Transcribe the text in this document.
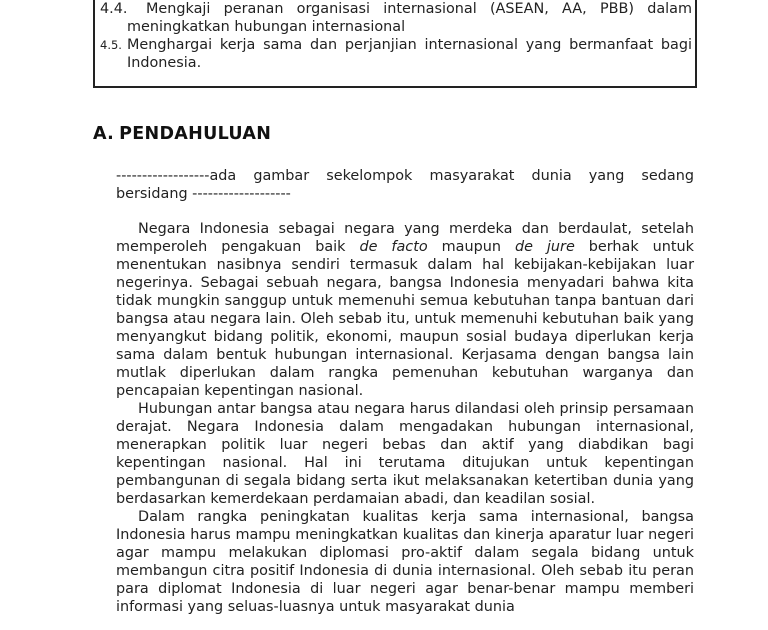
4.4.	Mengkaji peranan organisasi internasional (ASEAN, AA, PBB) dalam meningkatkan hubungan internasional
4.5. Menghargai kerja sama dan perjanjian internasional yang bermanfaat bagi Indonesia.
A. PENDAHULUAN

------------------ada gambar sekelompok masyarakat dunia yang sedang bersidang -------------------

Negara Indonesia sebagai negara yang merdeka dan berdaulat, setelah memperoleh pengakuan baik de facto maupun de jure berhak untuk menentukan nasibnya sendiri termasuk dalam hal kebijakan-kebijakan luar negerinya. Sebagai sebuah negara, bangsa Indonesia menyadari bahwa kita tidak mungkin sanggup untuk memenuhi semua kebutuhan tanpa bantuan dari bangsa atau negara lain. Oleh sebab itu, untuk memenuhi kebutuhan baik yang menyangkut bidang politik, ekonomi, maupun sosial budaya diperlukan kerja sama dalam bentuk hubungan internasional. Kerjasama dengan bangsa lain mutlak diperlukan dalam rangka pemenuhan kebutuhan warganya dan pencapaian kepentingan nasional.

Hubungan antar bangsa atau negara harus dilandasi oleh prinsip persamaan derajat. Negara Indonesia dalam mengadakan hubungan internasional, menerapkan politik luar negeri bebas dan aktif yang diabdikan bagi kepentingan nasional. Hal ini terutama ditujukan untuk kepentingan pembangunan di segala bidang serta ikut melaksanakan ketertiban dunia yang berdasarkan kemerdekaan perdamaian abadi, dan keadilan sosial.

Dalam rangka peningkatan kualitas kerja sama internasional, bangsa Indonesia harus mampu meningkatkan kualitas dan kinerja aparatur luar negeri agar mampu melakukan diplomasi pro-aktif dalam segala bidang untuk membangun citra positif Indonesia di dunia internasional. Oleh sebab itu peran para diplomat Indonesia di luar negeri agar benar-benar mampu memberi informasi yang seluas-luasnya untuk masyarakat dunia
